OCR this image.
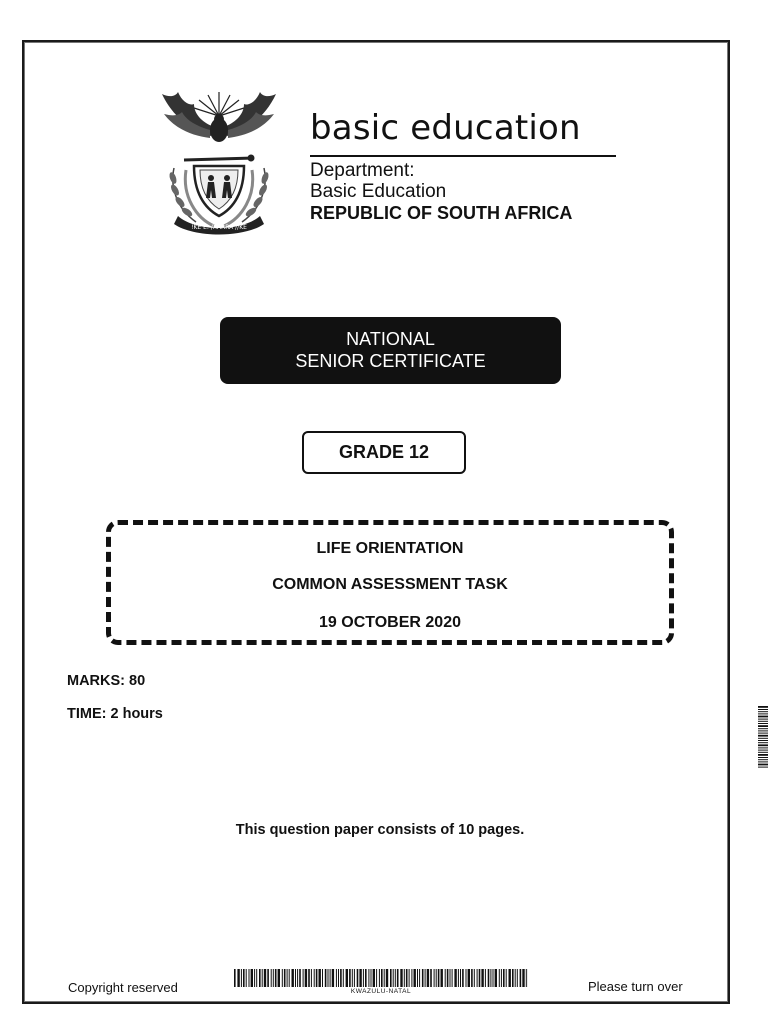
!KE E: /XARRA //KE
basic education
Department:
Basic Education
REPUBLIC OF SOUTH AFRICA
NATIONAL
SENIOR CERTIFICATE
GRADE 12
LIFE ORIENTATION
COMMON ASSESSMENT TASK
19 OCTOBER 2020
MARKS: 80
TIME: 2 hours
This question paper consists of 10 pages.
Copyright reserved	KWAZULU-NATAL	Please turn over
